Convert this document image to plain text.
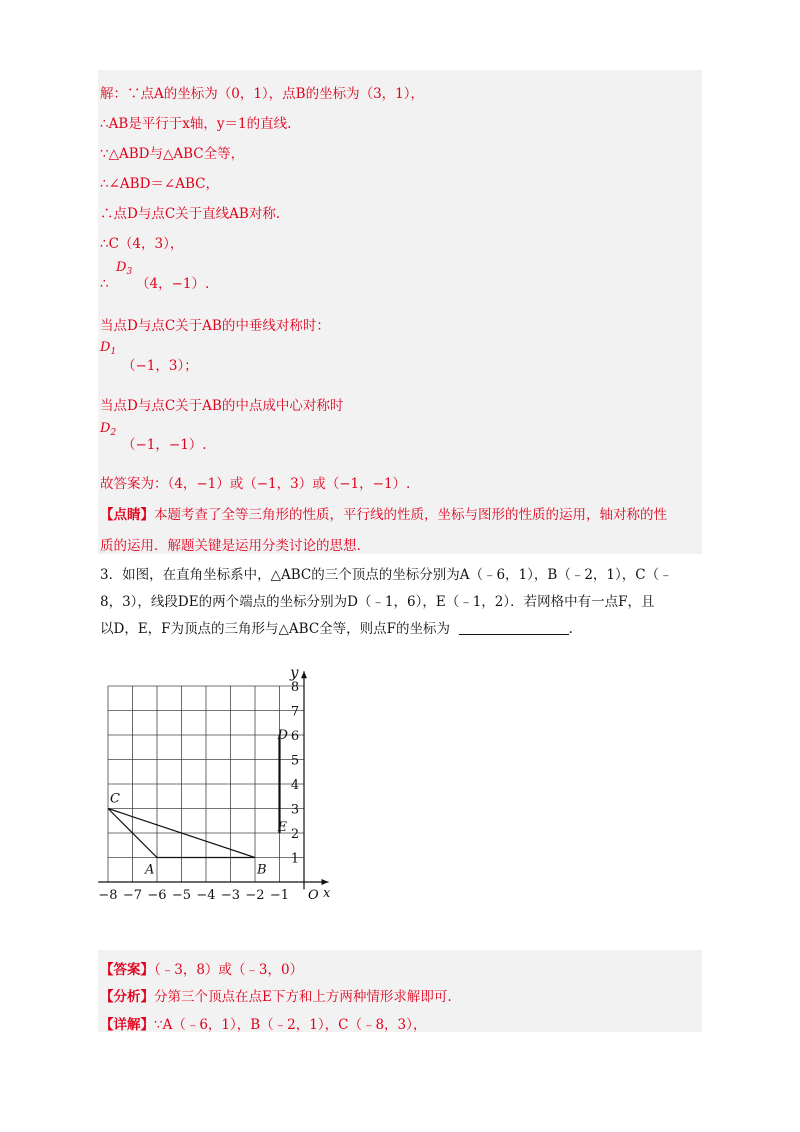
解：∵点A的坐标为（0，1），点B的坐标为（3，1），
∴AB是平行于x轴，y＝1的直线.
∵△ABD与△ABC全等，
∴∠ABD＝∠ABC，
∴点D与点C关于直线AB对称.
∴C（4，3），
$D_3$
∴ （4，−1）.
当点D与点C关于AB的中垂线对称时：
$D_1$
（−1，3）；
当点D与点C关于AB的中点成中心对称时
$D_2$
（−1，−1）.
故答案为：（4，−1）或（−1，3）或（−1，−1）.
【点睛】本题考查了全等三角形的性质，平行线的性质，坐标与图形的性质的运用，轴对称的性
质的运用．解题关键是运用分类讨论的思想.
3．如图，在直角坐标系中，△ABC的三个顶点的坐标分别为A（﹣6，1），B（﹣2，1），C（﹣
8，3），线段DE的两个端点的坐标分别为D（﹣1，6），E（﹣1，2）．若网格中有一点F，且
以D，E，F为顶点的三角形与△ABC全等，则点F的坐标为	.
−8 −7 −6 −5 −4 −3 −2 −1
1
2
3
4
5
6
7
8
O x
y
A	B
C
D
E
【答案】（﹣3，8）或（﹣3，0）
【分析】分第三个顶点在点E下方和上方两种情形求解即可.
【详解】∵A（﹣6，1），B（﹣2，1），C（﹣8，3），
